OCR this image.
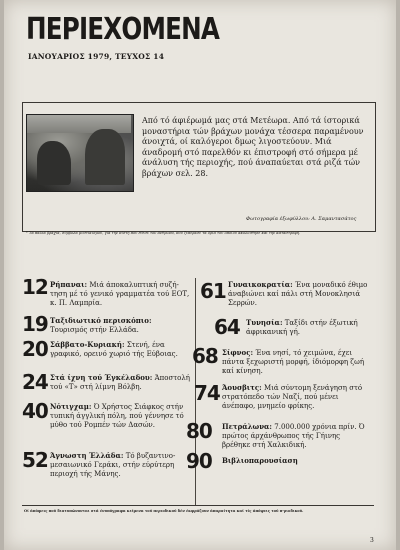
ΠΕΡΙΕΧΟΜΕΝΑ
ΙΑΝΟΥΑΡΙΟΣ 1979, ΤΕΥΧΟΣ 14
Από τό άφιέρωμά μας στά Μετέωρα. Από τά ίστορικά μοναστήρια τών βράχων μονάχα τέσσερα παραμένουν άνοιχτά, οί καλόγεροι δμως λιγοστεύουν. Μιά άναδρομή στό παρελθόν κι έπιστροφή στό σήμερα μέ άνάλυση τής περιοχής, πού άναπαύεται στά ριζά τών βράχων σελ. 28.
Φωτογραφία έξωφύλλου: Α. Σαμαντασάτος
* Τά παλιά βράχια, σύμβολα μυστικισμού, για την πίστη που έθεσε τον άνθρωπο, που ξεπέρασε τα όρια του οποίου ακολούθησε και την καταστροφή.
12 Ρήπαναι: Μιά άποκαλυπτική συζή-τηση μέ τό γενικό γραμματέα τού ΕΟΤ, κ. Π. Λαμπρία.
19 Ταξιδιωτικό περισκόπιο: Τουρισμός στήν Ελλάδα.
20 Σάββατο-Κυριακή: Στενή, ένα γραφικό, ορεινό χωριό τής Εύβοιας.
24 Στά ίχνη τού Έγκέλαδου: Άποστολή τού «Τ» στή λίμνη Βόλβη.
40 Νότιγχαμ: Ό Χρήστος Σιάφκος στήν τυπική άγγλική πόλη, πού γέννησε τό μύθο τού Ρομπέν τών Δασών.
52 Άγνωστη Έλλάδα: Τό βυζαντινο-μεσαιωνικό Γεράκι, στήν εύρύτερη περιοχή τής Μάνης.
61 Γυναικοκρατία: Ένα μοναδικό έθιμο άναβιώνει καί πάλι στή Μονοκλησιά Σερρών.
64 Τυνησία: Ταξίδι στήν έξωτική άφρικανική γή.
68 Σίφνος: Ένα νησί, τό χειμώνα, έχει πάντα ξεχωριστή μορφή, ίδιόμορφη ζωή καί κίνηση.
74 Άουσβιτς: Μιά σύντομη ξενάγηση στό στρατόπεδο τών Ναζί, πού μένει άνέπαφο, μνημείο φρίκης.
80 Πετράλωνα: 7.000.000 χρόνια πρίν. Ό πρώτος άρχάνθρωπος τής Γήινης βρέθηκε στή Χαλκιδική.
90 Βιβλιοπαρουσίαση
Οί άπόψεις πού διατυπώνονται στά ένυπόγραφα κείμενα τού περιοδικού δέν έκφράζουν άπαραίτητα καί τίς άπόψεις τού π-ριοδικού.
3
